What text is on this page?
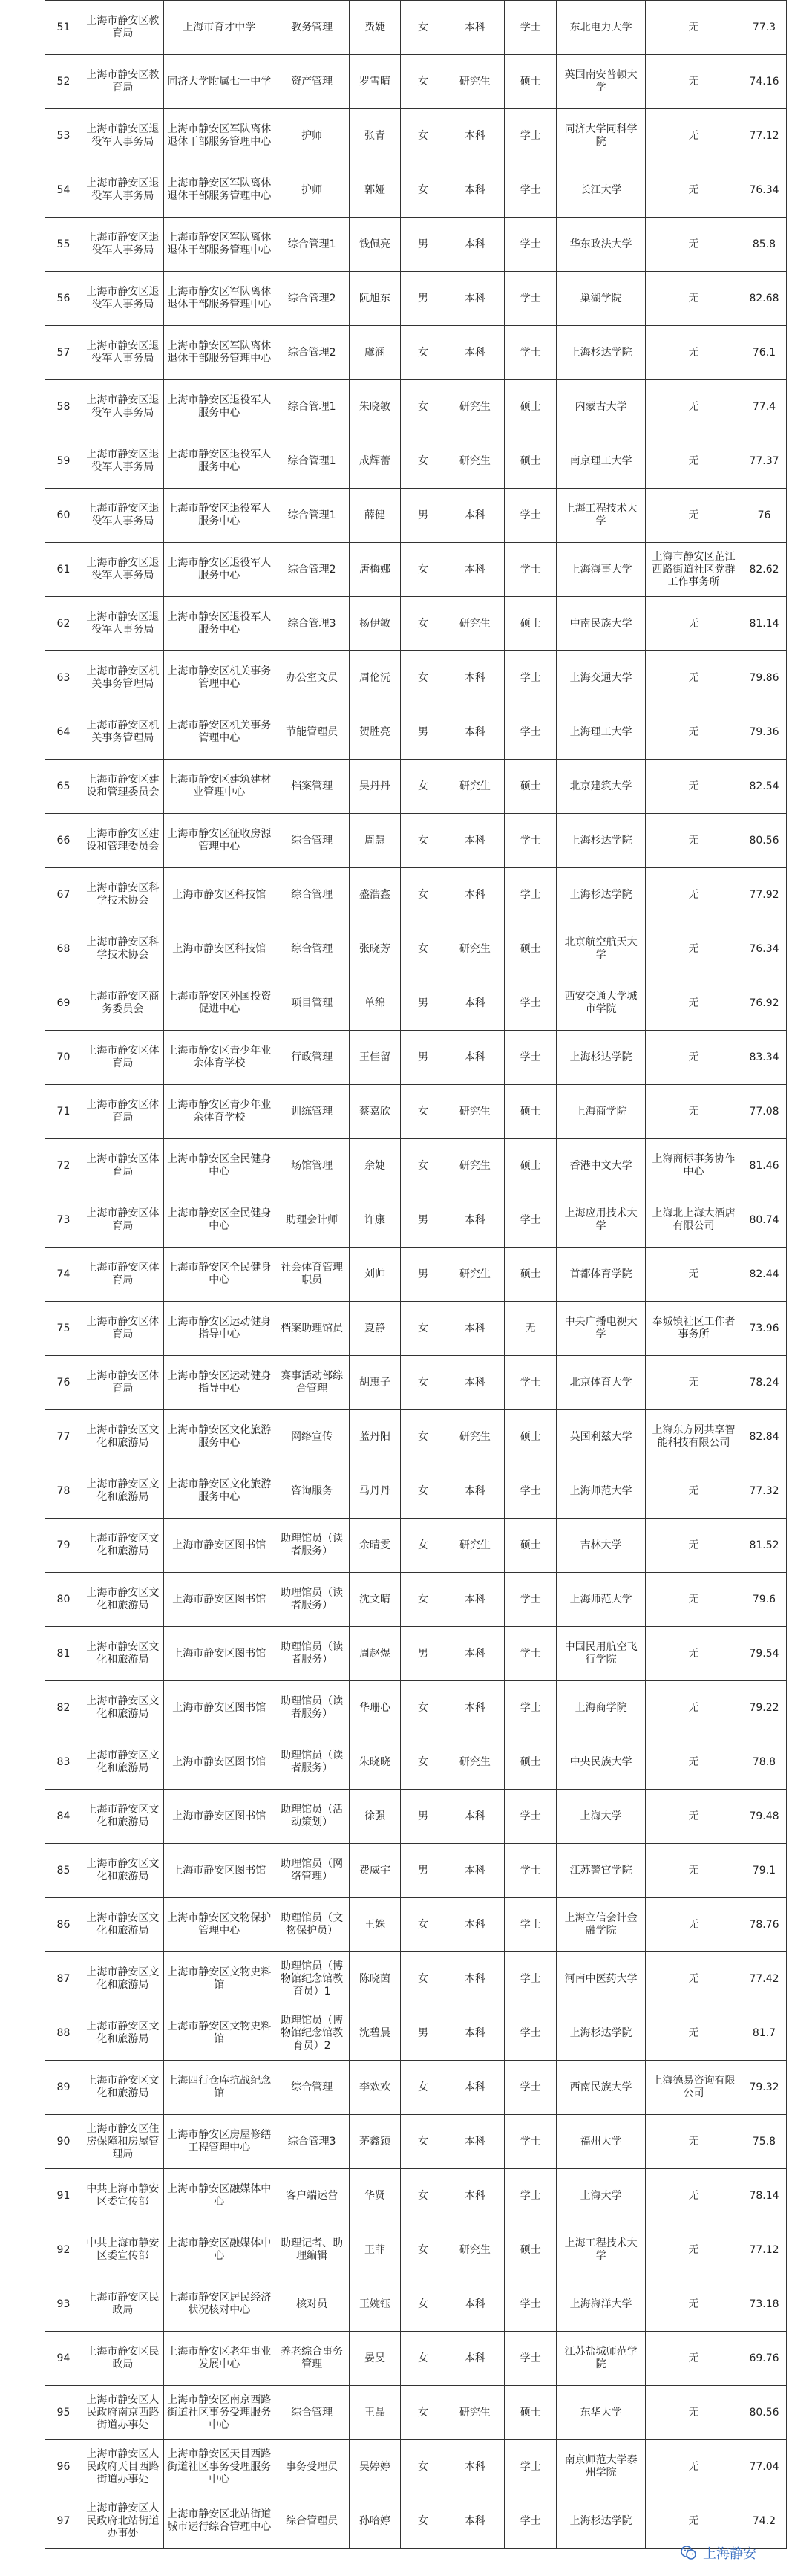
51	上海市静安区教育局	上海市育才中学	教务管理	费婕	女	本科	学士	东北电力大学	无	77.3
52	上海市静安区教育局	同济大学附属七一中学	资产管理	罗雪晴	女	研究生	硕士	英国南安普顿大学	无	74.16
53	上海市静安区退役军人事务局	上海市静安区军队离休退休干部服务管理中心	护师	张青	女	本科	学士	同济大学同科学院	无	77.12
54	上海市静安区退役军人事务局	上海市静安区军队离休退休干部服务管理中心	护师	郭娅	女	本科	学士	长江大学	无	76.34
55	上海市静安区退役军人事务局	上海市静安区军队离休退休干部服务管理中心	综合管理1	钱佩亮	男	本科	学士	华东政法大学	无	85.8
56	上海市静安区退役军人事务局	上海市静安区军队离休退休干部服务管理中心	综合管理2	阮旭东	男	本科	学士	巢湖学院	无	82.68
57	上海市静安区退役军人事务局	上海市静安区军队离休退休干部服务管理中心	综合管理2	虞涵	女	本科	学士	上海杉达学院	无	76.1
58	上海市静安区退役军人事务局	上海市静安区退役军人服务中心	综合管理1	朱晓敏	女	研究生	硕士	内蒙古大学	无	77.4
59	上海市静安区退役军人事务局	上海市静安区退役军人服务中心	综合管理1	成辉蕾	女	研究生	硕士	南京理工大学	无	77.37
60	上海市静安区退役军人事务局	上海市静安区退役军人服务中心	综合管理1	薛健	男	本科	学士	上海工程技术大学	无	76
61	上海市静安区退役军人事务局	上海市静安区退役军人服务中心	综合管理2	唐梅娜	女	本科	学士	上海海事大学	上海市静安区芷江西路街道社区党群工作事务所	82.62
62	上海市静安区退役军人事务局	上海市静安区退役军人服务中心	综合管理3	杨伊敏	女	研究生	硕士	中南民族大学	无	81.14
63	上海市静安区机关事务管理局	上海市静安区机关事务管理中心	办公室文员	周伦沅	女	本科	学士	上海交通大学	无	79.86
64	上海市静安区机关事务管理局	上海市静安区机关事务管理中心	节能管理员	贺胜亮	男	本科	学士	上海理工大学	无	79.36
65	上海市静安区建设和管理委员会	上海市静安区建筑建材业管理中心	档案管理	吴丹丹	女	研究生	硕士	北京建筑大学	无	82.54
66	上海市静安区建设和管理委员会	上海市静安区征收房源管理中心	综合管理	周慧	女	本科	学士	上海杉达学院	无	80.56
67	上海市静安区科学技术协会	上海市静安区科技馆	综合管理	盛浩鑫	女	本科	学士	上海杉达学院	无	77.92
68	上海市静安区科学技术协会	上海市静安区科技馆	综合管理	张晓芳	女	研究生	硕士	北京航空航天大学	无	76.34
69	上海市静安区商务委员会	上海市静安区外国投资促进中心	项目管理	单绵	男	本科	学士	西安交通大学城市学院	无	76.92
70	上海市静安区体育局	上海市静安区青少年业余体育学校	行政管理	王佳留	男	本科	学士	上海杉达学院	无	83.34
71	上海市静安区体育局	上海市静安区青少年业余体育学校	训练管理	蔡嘉欣	女	研究生	硕士	上海商学院	无	77.08
72	上海市静安区体育局	上海市静安区全民健身中心	场馆管理	余婕	女	研究生	硕士	香港中文大学	上海商标事务协作中心	81.46
73	上海市静安区体育局	上海市静安区全民健身中心	助理会计师	许康	男	本科	学士	上海应用技术大学	上海北上海大酒店有限公司	80.74
74	上海市静安区体育局	上海市静安区全民健身中心	社会体育管理职员	刘帅	男	研究生	硕士	首都体育学院	无	82.44
75	上海市静安区体育局	上海市静安区运动健身指导中心	档案助理馆员	夏静	女	本科	无	中央广播电视大学	奉城镇社区工作者事务所	73.96
76	上海市静安区体育局	上海市静安区运动健身指导中心	赛事活动部综合管理	胡惠子	女	本科	学士	北京体育大学	无	78.24
77	上海市静安区文化和旅游局	上海市静安区文化旅游服务中心	网络宣传	蓝丹阳	女	研究生	硕士	英国利兹大学	上海东方网共享智能科技有限公司	82.84
78	上海市静安区文化和旅游局	上海市静安区文化旅游服务中心	咨询服务	马丹丹	女	本科	学士	上海师范大学	无	77.32
79	上海市静安区文化和旅游局	上海市静安区图书馆	助理馆员（读者服务）	余晴雯	女	研究生	硕士	吉林大学	无	81.52
80	上海市静安区文化和旅游局	上海市静安区图书馆	助理馆员（读者服务）	沈文晴	女	本科	学士	上海师范大学	无	79.6
81	上海市静安区文化和旅游局	上海市静安区图书馆	助理馆员（读者服务）	周赵煜	男	本科	学士	中国民用航空飞行学院	无	79.54
82	上海市静安区文化和旅游局	上海市静安区图书馆	助理馆员（读者服务）	华珊心	女	本科	学士	上海商学院	无	79.22
83	上海市静安区文化和旅游局	上海市静安区图书馆	助理馆员（读者服务）	朱晓晓	女	研究生	硕士	中央民族大学	无	78.8
84	上海市静安区文化和旅游局	上海市静安区图书馆	助理馆员（活动策划）	徐强	男	本科	学士	上海大学	无	79.48
85	上海市静安区文化和旅游局	上海市静安区图书馆	助理馆员（网络管理）	费威宇	男	本科	学士	江苏警官学院	无	79.1
86	上海市静安区文化和旅游局	上海市静安区文物保护管理中心	助理馆员（文物保护员）	王姝	女	本科	学士	上海立信会计金融学院	无	78.76
87	上海市静安区文化和旅游局	上海市静安区文物史料馆	助理馆员（博物馆纪念馆教育员）1	陈晓茵	女	本科	学士	河南中医药大学	无	77.42
88	上海市静安区文化和旅游局	上海市静安区文物史料馆	助理馆员（博物馆纪念馆教育员）2	沈碧晨	男	本科	学士	上海杉达学院	无	81.7
89	上海市静安区文化和旅游局	上海四行仓库抗战纪念馆	综合管理	李欢欢	女	本科	学士	西南民族大学	上海德易咨询有限公司	79.32
90	上海市静安区住房保障和房屋管理局	上海市静安区房屋修缮工程管理中心	综合管理3	茅鑫颖	女	本科	学士	福州大学	无	75.8
91	中共上海市静安区委宣传部	上海市静安区融媒体中心	客户端运营	华贤	女	本科	学士	上海大学	无	78.14
92	中共上海市静安区委宣传部	上海市静安区融媒体中心	助理记者、助理编辑	王菲	女	研究生	硕士	上海工程技术大学	无	77.12
93	上海市静安区民政局	上海市静安区居民经济状况核对中心	核对员	王婉钰	女	本科	学士	上海海洋大学	无	73.18
94	上海市静安区民政局	上海市静安区老年事业发展中心	养老综合事务管理	晏旻	女	本科	学士	江苏盐城师范学院	无	69.76
95	上海市静安区人民政府南京西路街道办事处	上海市静安区南京西路街道社区事务受理服务中心	综合管理	王晶	女	研究生	硕士	东华大学	无	80.56
96	上海市静安区人民政府天目西路街道办事处	上海市静安区天目西路街道社区事务受理服务中心	事务受理员	吴婷婷	女	本科	学士	南京师范大学泰州学院	无	77.04
97	上海市静安区人民政府北站街道办事处	上海市静安区北站街道城市运行综合管理中心	综合管理员	孙哈婷	女	本科	学士	上海杉达学院	无	74.2
上海静安
